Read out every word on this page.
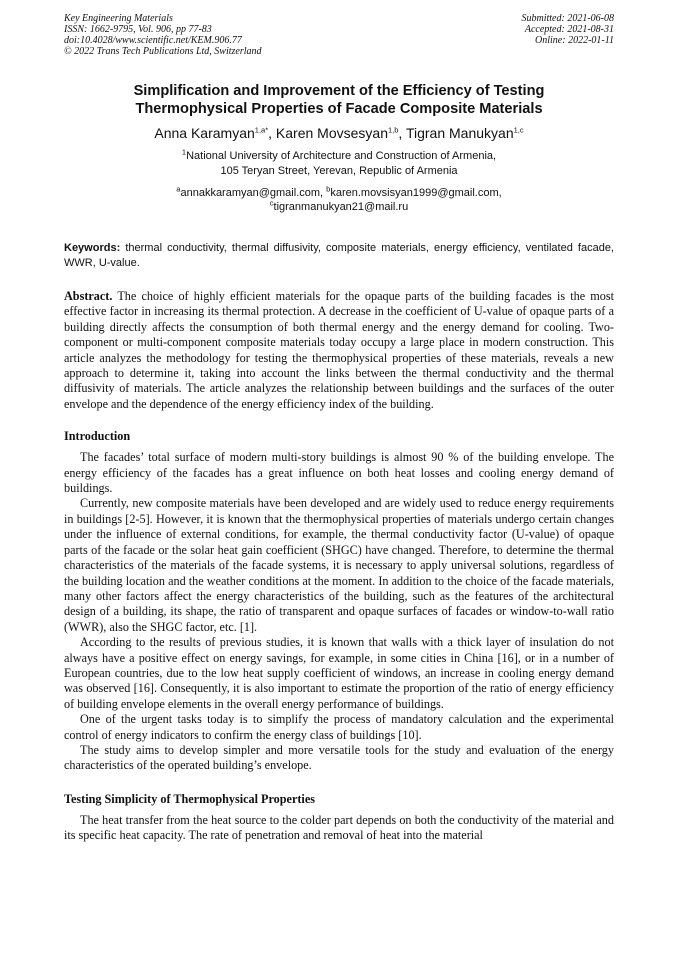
Key Engineering Materials
ISSN: 1662-9795, Vol. 906, pp 77-83
doi:10.4028/www.scientific.net/KEM.906.77
© 2022 Trans Tech Publications Ltd, Switzerland
Submitted: 2021-06-08
Accepted: 2021-08-31
Online: 2022-01-11
Simplification and Improvement of the Efficiency of Testing
Thermophysical Properties of Facade Composite Materials
Anna Karamyan$^{1,a*}$, Karen Movsesyan$^{1,b}$, Tigran Manukyan$^{1,c}$
$^1$National University of Architecture and Construction of Armenia,
105 Teryan Street, Yerevan, Republic of Armenia
$^a$annakkaramyan@gmail.com, $^b$karen.movsisyan1999@gmail.com,
$^c$tigranmanukyan21@mail.ru
Keywords: thermal conductivity, thermal diffusivity, composite materials, energy efficiency, ventilated facade, WWR, U-value.

Abstract. The choice of highly efficient materials for the opaque parts of the building facades is the most effective factor in increasing its thermal protection. A decrease in the coefficient of U-value of opaque parts of a building directly affects the consumption of both thermal energy and the energy demand for cooling. Two-component or multi-component composite materials today occupy a large place in modern construction. This article analyzes the methodology for testing the thermophysical properties of these materials, reveals a new approach to determine it, taking into account the links between the thermal conductivity and the thermal diffusivity of materials. The article analyzes the relationship between buildings and the surfaces of the outer envelope and the dependence of the energy efficiency index of the building.

Introduction

The facades’ total surface of modern multi-story buildings is almost 90 % of the building envelope. The energy efficiency of the facades has a great influence on both heat losses and cooling energy demand of buildings.

Currently, new composite materials have been developed and are widely used to reduce energy requirements in buildings [2-5]. However, it is known that the thermophysical properties of materials undergo certain changes under the influence of external conditions, for example, the thermal conductivity factor (U-value) of opaque parts of the facade or the solar heat gain coefficient (SHGC) have changed. Therefore, to determine the thermal characteristics of the materials of the facade systems, it is necessary to apply universal solutions, regardless of the building location and the weather conditions at the moment. In addition to the choice of the facade materials, many other factors affect the energy characteristics of the building, such as the features of the architectural design of a building, its shape, the ratio of transparent and opaque surfaces of facades or window-to-wall ratio (WWR), also the SHGC factor, etc. [1].

According to the results of previous studies, it is known that walls with a thick layer of insulation do not always have a positive effect on energy savings, for example, in some cities in China [16], or in a number of European countries, due to the low heat supply coefficient of windows, an increase in cooling energy demand was observed [16]. Consequently, it is also important to estimate the proportion of the ratio of energy efficiency of building envelope elements in the overall energy performance of buildings.

One of the urgent tasks today is to simplify the process of mandatory calculation and the experimental control of energy indicators to confirm the energy class of buildings [10].

The study aims to develop simpler and more versatile tools for the study and evaluation of the energy characteristics of the operated building’s envelope.

Testing Simplicity of Thermophysical Properties

The heat transfer from the heat source to the colder part depends on both the conductivity of the material and its specific heat capacity. The rate of penetration and removal of heat into the material
